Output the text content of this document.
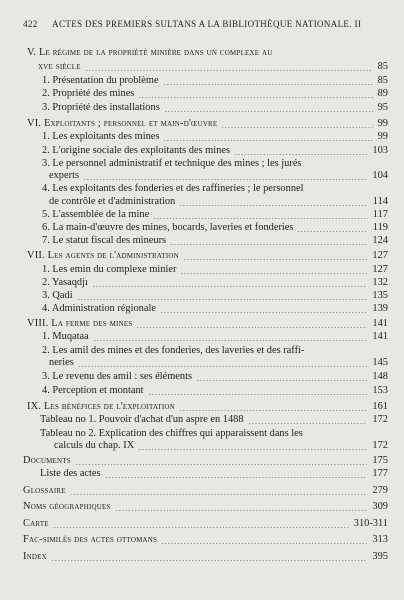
422 ACTES DES PREMIERS SULTANS A LA BIBLIOTHÈQUE NATIONALE. II
V. Le régime de la propriété minière dans un complexe au
xve siècle	85
1. Présentation du problème	85
2. Propriété des mines	89
3. Propriété des installations	95
VI. Exploitants ; personnel et main-d'œuvre	99
1. Les exploitants des mines	99
2. L'origine sociale des exploitants des mines	103
3. Le personnel administratif et technique des mines ; les jurés
experts	104
4. Les exploitants des fonderies et des raffineries ; le personnel
de contrôle et d'administration	114
5. L'assemblée de la mine	117
6. La main-d'œuvre des mines, bocards, laveries et fonderies	119
7. Le statut fiscal des mineurs	124
VII. Les agents de l'administration	127
1. Les emin du complexe minier	127
2. Yasaqdjı	132
3. Qadi	135
4. Administration régionale	139
VIII. La ferme des mines	141
1. Muqataa	141
2. Les amil des mines et des fonderies, des laveries et des raffi-
neries	145
3. Le revenu des amil : ses éléments	148
4. Perception et montant	153
IX. Les bénéfices de l'exploitation	161
Tableau no 1. Pouvoir d'achat d'un aspre en 1488	172
Tableau no 2. Explication des chiffres qui apparaissent dans les
calculs du chap. IX	172
Documents	175
Liste des actes	177
Glossaire	279
Noms géographiques	309
Carte	310-311
Fac-similés des actes ottomans	313
Index	395
